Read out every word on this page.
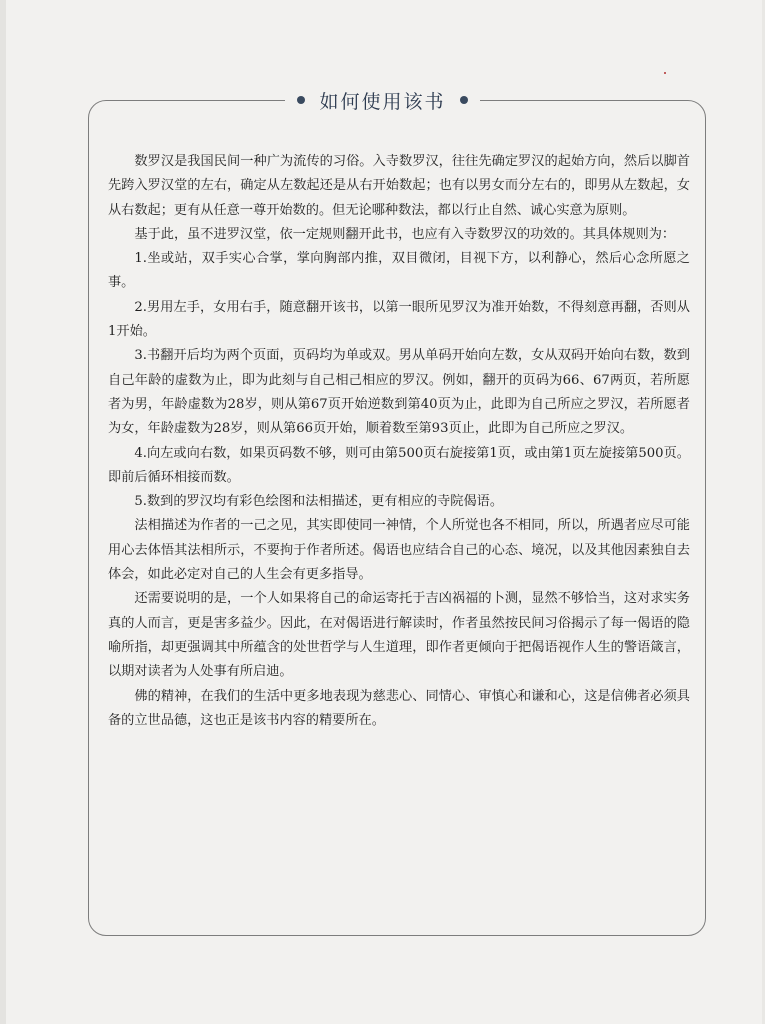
如何使用该书

数罗汉是我国民间一种广为流传的习俗。入寺数罗汉，往往先确定罗汉的起始方向，然后以脚首先跨入罗汉堂的左右，确定从左数起还是从右开始数起；也有以男女而分左右的，即男从左数起，女从右数起；更有从任意一尊开始数的。但无论哪种数法，都以行止自然、诚心实意为原则。

基于此，虽不进罗汉堂，依一定规则翻开此书，也应有入寺数罗汉的功效的。其具体规则为：

1.坐或站，双手实心合掌，掌向胸部内推，双目微闭，目视下方，以利静心，然后心念所愿之事。

2.男用左手，女用右手，随意翻开该书，以第一眼所见罗汉为准开始数，不得刻意再翻，否则从1开始。

3.书翻开后均为两个页面，页码均为单或双。男从单码开始向左数，女从双码开始向右数，数到自己年龄的虚数为止，即为此刻与自己相己相应的罗汉。例如，翻开的页码为66、67两页，若所愿者为男，年龄虚数为28岁，则从第67页开始逆数到第40页为止，此即为自己所应之罗汉，若所愿者为女，年龄虚数为28岁，则从第66页开始，顺着数至第93页止，此即为自己所应之罗汉。

4.向左或向右数，如果页码数不够，则可由第500页右旋接第1页，或由第1页左旋接第500页。即前后循环相接而数。

5.数到的罗汉均有彩色绘图和法相描述，更有相应的寺院偈语。

法相描述为作者的一己之见，其实即使同一神情，个人所觉也各不相同，所以，所遇者应尽可能用心去体悟其法相所示，不要拘于作者所述。偈语也应结合自己的心态、境况，以及其他因素独自去体会，如此必定对自己的人生会有更多指导。

还需要说明的是，一个人如果将自己的命运寄托于吉凶祸福的卜测，显然不够恰当，这对求实务真的人而言，更是害多益少。因此，在对偈语进行解读时，作者虽然按民间习俗揭示了每一偈语的隐喻所指，却更强调其中所蕴含的处世哲学与人生道理，即作者更倾向于把偈语视作人生的警语箴言，以期对读者为人处事有所启迪。

佛的精神，在我们的生活中更多地表现为慈悲心、同情心、审慎心和谦和心，这是信佛者必须具备的立世品德，这也正是该书内容的精要所在。
